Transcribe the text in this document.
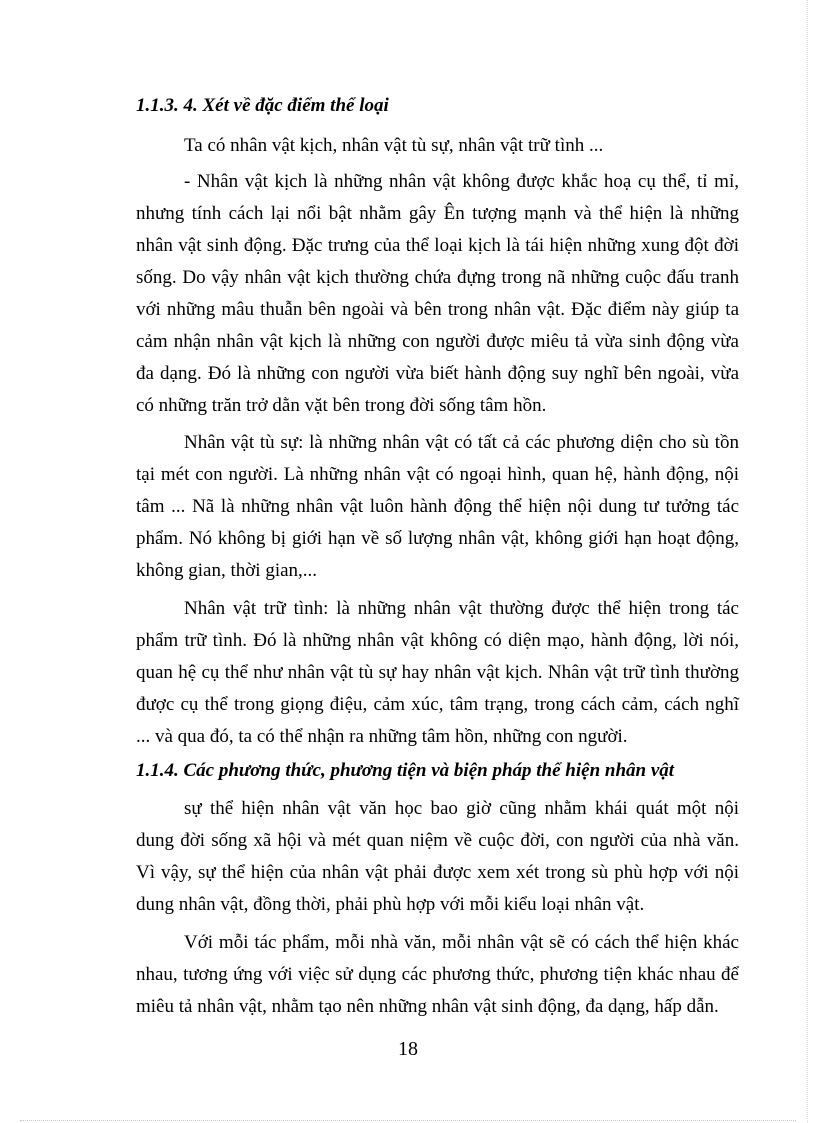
1.1.3. 4. Xét về đặc điểm thể loại
Ta có nhân vật kịch, nhân vật tù sự, nhân vật trữ tình ...
- Nhân vật kịch là những nhân vật không được khắc hoạ cụ thể, tỉ mỉ,
nhưng tính cách lại nổi bật nhằm gây Ên tượng mạnh và thể hiện là những
nhân vật sinh động. Đặc trưng của thể loại kịch là tái hiện những xung đột đời
sống. Do vậy nhân vật kịch thường chứa đựng trong nã những cuộc đấu tranh
với những mâu thuẫn bên ngoài và bên trong nhân vật. Đặc điểm này giúp ta
cảm nhận nhân vật kịch là những con người được miêu tả vừa sinh động vừa
đa dạng. Đó là những con người vừa biết hành động suy nghĩ bên ngoài, vừa
có những trăn trở dằn vặt bên trong đời sống tâm hồn.
Nhân vật tù sự: là những nhân vật có tất cả các phương diện cho sù tồn
tại mét con người. Là những nhân vật có ngoại hình, quan hệ, hành động, nội
tâm ... Nã là những nhân vật luôn hành động thể hiện nội dung tư tưởng tác
phẩm. Nó không bị giới hạn về số lượng nhân vật, không giới hạn hoạt động,
không gian, thời gian,...
Nhân vật trữ tình: là những nhân vật thường được thể hiện trong tác
phẩm trữ tình. Đó là những nhân vật không có diện mạo, hành động, lời nói,
quan hệ cụ thể như nhân vật tù sự hay nhân vật kịch. Nhân vật trữ tình thường
được cụ thể trong giọng điệu, cảm xúc, tâm trạng, trong cách cảm, cách nghĩ
... và qua đó, ta có thể nhận ra những tâm hồn, những con người.
1.1.4. Các phương thức, phương tiện và biện pháp thể hiện nhân vật
sự thể hiện nhân vật văn học bao giờ cũng nhằm khái quát một nội
dung đời sống xã hội và mét quan niệm về cuộc đời, con người của nhà văn.
Vì vậy, sự thể hiện của nhân vật phải được xem xét trong sù phù hợp với nội
dung nhân vật, đồng thời, phải phù hợp với mỗi kiểu loại nhân vật.
Với mỗi tác phẩm, mỗi nhà văn, mỗi nhân vật sẽ có cách thể hiện khác
nhau, tương ứng với việc sử dụng các phương thức, phương tiện khác nhau để
miêu tả nhân vật, nhằm tạo nên những nhân vật sinh động, đa dạng, hấp dẫn.
18
